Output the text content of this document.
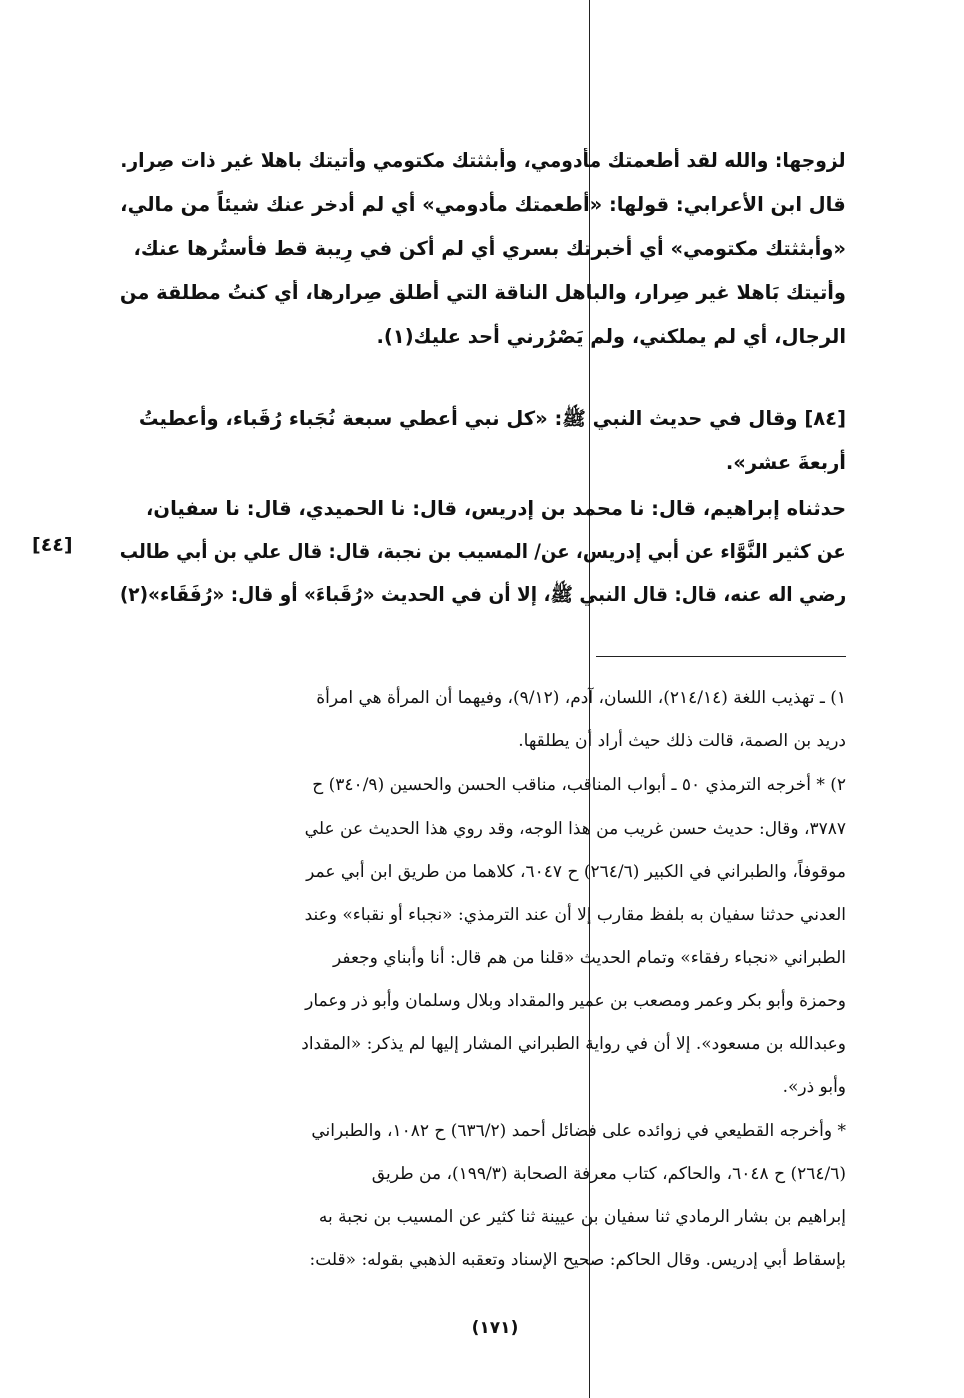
لزوجها: والله لقد أطعمتك مأدومي، وأبثثتك مكتومي وأتيتك باهلا غير ذات صِرار.
قال ابن الأعرابي: قولها: «أطعمتك مأدومي» أي لم أدخر عنك شيئاً من مالي،
«وأبثثتك مكتومي» أي أخبرتك بسري أي لم أكن في رِيبة قط فأستُرها عنك،
وأتيتك بَاهلا غير صِرار، والباهل الناقة التي أطلق صِرارها، أي كنتُ مطلقة من
الرجال، أي لم يملكني، ولم يَصْرُرني أحد عليك(١).
[٨٤] وقال في حديث النبي ﷺ: «كل نبي أعطي سبعة نُجَباء رُقَباء، وأعطيتُ
أربعةَ عشر».
حدثناه إبراهيم، قال: نا محمد بن إدريس، قال: نا الحميدي، قال: نا سفيان،
عن كثير النَّوَّاء عن أبي إدريس، عن/ المسيب بن نجبة، قال: قال علي بن أبي طالب
رضي اله عنه، قال: قال النبي ﷺ، إلا أن في الحديث «رُقَباءَ» أو قال: «رُفَقَاء»(٢)
[٤٤]
١) ـ تهذيب اللغة (٢١٤/١٤)، اللسان، آدم، (٩/١٢)، وفيهما أن المرأة هي امرأة
دريد بن الصمة، قالت ذلك حيث أراد أن يطلقها.
٢) * أخرجه الترمذي ٥٠ ـ أبواب المناقب، مناقب الحسن والحسين (٣٤٠/٩) ح
٣٧٨٧، وقال: حديث حسن غريب من هذا الوجه، وقد روي هذا الحديث عن علي
موقوفاً، والطبراني في الكبير (٢٦٤/٦) ح ٦٠٤٧، كلاهما من طريق ابن أبي عمر
العدني حدثنا سفيان به بلفظ مقارب إلا أن عند الترمذي: «نجباء أو نقباء» وعند
الطبراني «نجباء رفقاء» وتمام الحديث «قلنا من هم قال: أنا وأبناي وجعفر
وحمزة وأبو بكر وعمر ومصعب بن عمير والمقداد وبلال وسلمان وأبو ذر وعمار
وعبدالله بن مسعود». إلا أن في رواية الطبراني المشار إليها لم يذكر: «المقداد
وأبو ذر».
* وأخرجه القطيعي في زوائده على فضائل أحمد (٦٣٦/٢) ح ١٠٨٢، والطبراني
(٢٦٤/٦) ح ٦٠٤٨، والحاكم، كتاب معرفة الصحابة (١٩٩/٣)، من طريق
إبراهيم بن بشار الرمادي ثنا سفيان بن عيينة ثنا كثير عن المسيب بن نجبة به
بإسقاط أبي إدريس. وقال الحاكم: صحيح الإسناد وتعقبه الذهبي بقوله: «قلت:
(١٧١)
